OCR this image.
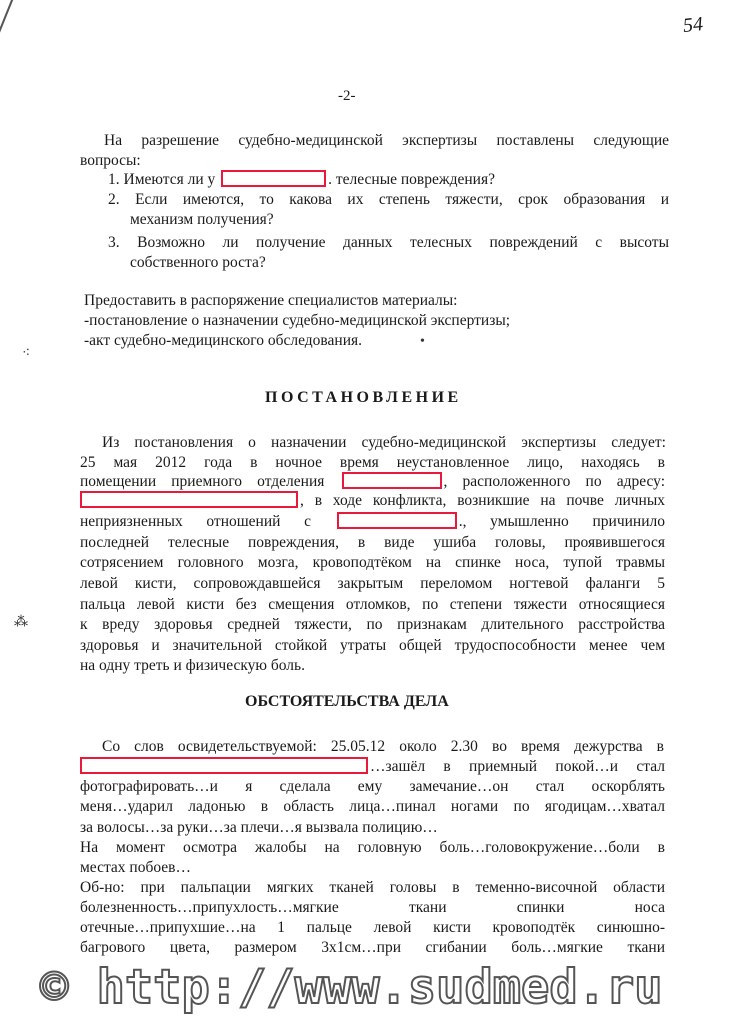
54
-2-
На разрешение судебно-медицинской экспертизы поставлены следующие
вопросы:
1. Имеются ли у	. телесные повреждения?
2. Если имеются, то какова их степень тяжести, срок образования и
механизм получения?
3. Возможно ли получение данных телесных повреждений с высоты
собственного роста?
Предоставить в распоряжение специалистов материалы:
-постановление о назначении судебно-медицинской экспертизы;
-акт судебно-медицинского обследования.	•
⁖
ПОСТАНОВЛЕНИЕ
Из постановления о назначении судебно-медицинской экспертизы следует:
25 мая 2012 года в ночное время неустановленное лицо, находясь в
помещении приемного отделения	, расположенного по адресу:
, в ходе конфликта, возникшие на почве личных
неприязненных отношений с	., умышленно причинило
последней телесные повреждения, в виде ушиба головы, проявившегося
сотрясением головного мозга, кровоподтёком на спинке носа, тупой травмы
левой кисти, сопровождавшейся закрытым переломом ногтевой фаланги 5
пальца левой кисти без смещения отломков, по степени тяжести относящиеся
к вреду здоровья средней тяжести, по признакам длительного расстройства
здоровья и значительной стойкой утраты общей трудоспособности менее чем
на одну треть и физическую боль.
⁂
ОБСТОЯТЕЛЬСТВА ДЕЛА
Со слов освидетельствуемой: 25.05.12 около 2.30 во время дежурства в
…зашёл в приемный покой…и стал
фотографировать…и я сделала ему замечание…он стал оскорблять
меня…ударил ладонью в область лица…пинал ногами по ягодицам…хватал
за волосы…за руки…за плечи…я вызвала полицию…
На момент осмотра жалобы на головную боль…головокружение…боли в
местах побоев…
Об-но: при пальпации мягких тканей головы в теменно-височной области
болезненность…припухлость…мягкие ткани спинки носа
отечные…припухшие…на 1 пальце левой кисти кровоподтёк синюшно-
багрового цвета, размером 3х1см…при сгибании боль…мягкие ткани
© http://www.sudmed.ru
